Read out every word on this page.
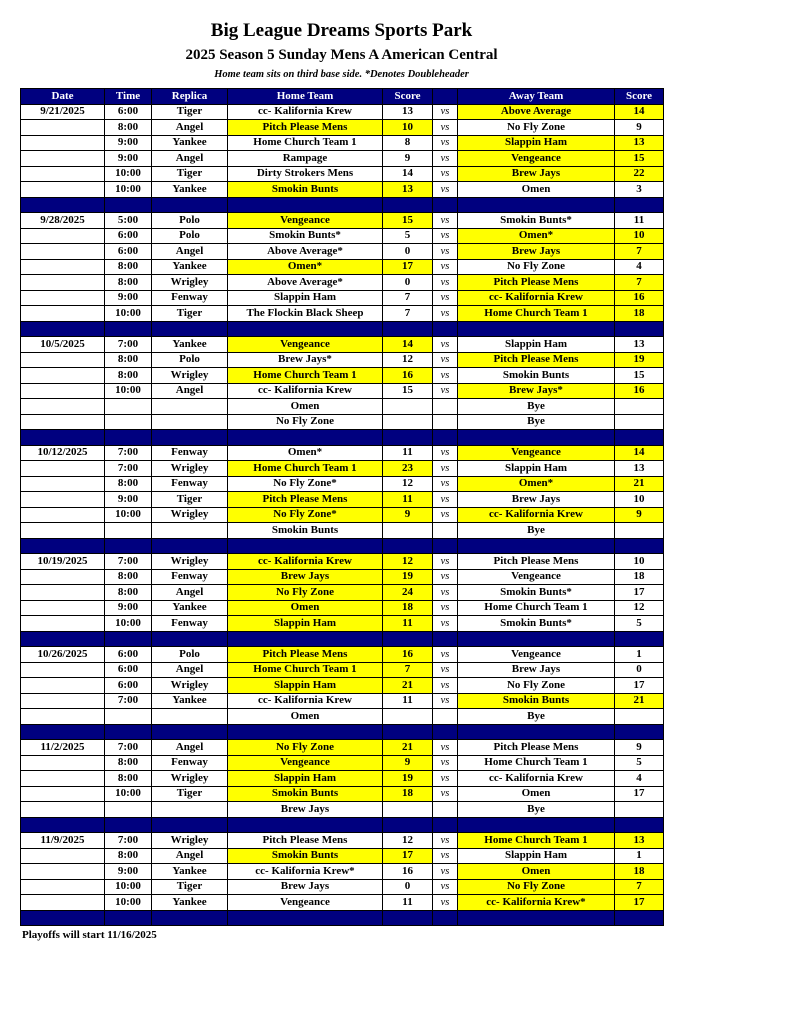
Big League Dreams Sports Park
2025 Season 5 Sunday Mens A American Central
Home team sits on third base side. *Denotes Doubleheader
Date	Time	Replica	Home Team	Score		Away Team	Score
9/21/2025	6:00	Tiger	cc- Kalifornia Krew	13	vs	Above Average	14
	8:00	Angel	Pitch Please Mens	10	vs	No Fly Zone	9
	9:00	Yankee	Home Church Team 1	8	vs	Slappin Ham	13
	9:00	Angel	Rampage	9	vs	Vengeance	15
	10:00	Tiger	Dirty Strokers Mens	14	vs	Brew Jays	22
	10:00	Yankee	Smokin Bunts	13	vs	Omen	3

9/28/2025	5:00	Polo	Vengeance	15	vs	Smokin Bunts*	11
	6:00	Polo	Smokin Bunts*	5	vs	Omen*	10
	6:00	Angel	Above Average*	0	vs	Brew Jays	7
	8:00	Yankee	Omen*	17	vs	No Fly Zone	4
	8:00	Wrigley	Above Average*	0	vs	Pitch Please Mens	7
	9:00	Fenway	Slappin Ham	7	vs	cc- Kalifornia Krew	16
	10:00	Tiger	The Flockin Black Sheep	7	vs	Home Church Team 1	18

10/5/2025	7:00	Yankee	Vengeance	14	vs	Slappin Ham	13
	8:00	Polo	Brew Jays*	12	vs	Pitch Please Mens	19
	8:00	Wrigley	Home Church Team 1	16	vs	Smokin Bunts	15
	10:00	Angel	cc- Kalifornia Krew	15	vs	Brew Jays*	16
			Omen			Bye	
			No Fly Zone			Bye	

10/12/2025	7:00	Fenway	Omen*	11	vs	Vengeance	14
	7:00	Wrigley	Home Church Team 1	23	vs	Slappin Ham	13
	8:00	Fenway	No Fly Zone*	12	vs	Omen*	21
	9:00	Tiger	Pitch Please Mens	11	vs	Brew Jays	10
	10:00	Wrigley	No Fly Zone*	9	vs	cc- Kalifornia Krew	9
			Smokin Bunts			Bye	

10/19/2025	7:00	Wrigley	cc- Kalifornia Krew	12	vs	Pitch Please Mens	10
	8:00	Fenway	Brew Jays	19	vs	Vengeance	18
	8:00	Angel	No Fly Zone	24	vs	Smokin Bunts*	17
	9:00	Yankee	Omen	18	vs	Home Church Team 1	12
	10:00	Fenway	Slappin Ham	11	vs	Smokin Bunts*	5

10/26/2025	6:00	Polo	Pitch Please Mens	16	vs	Vengeance	1
	6:00	Angel	Home Church Team 1	7	vs	Brew Jays	0
	6:00	Wrigley	Slappin Ham	21	vs	No Fly Zone	17
	7:00	Yankee	cc- Kalifornia Krew	11	vs	Smokin Bunts	21
			Omen			Bye	

11/2/2025	7:00	Angel	No Fly Zone	21	vs	Pitch Please Mens	9
	8:00	Fenway	Vengeance	9	vs	Home Church Team 1	5
	8:00	Wrigley	Slappin Ham	19	vs	cc- Kalifornia Krew	4
	10:00	Tiger	Smokin Bunts	18	vs	Omen	17
			Brew Jays			Bye	

11/9/2025	7:00	Wrigley	Pitch Please Mens	12	vs	Home Church Team 1	13
	8:00	Angel	Smokin Bunts	17	vs	Slappin Ham	1
	9:00	Yankee	cc- Kalifornia Krew*	16	vs	Omen	18
	10:00	Tiger	Brew Jays	0	vs	No Fly Zone	7
	10:00	Yankee	Vengeance	11	vs	cc- Kalifornia Krew*	17

Playoffs will start 11/16/2025
